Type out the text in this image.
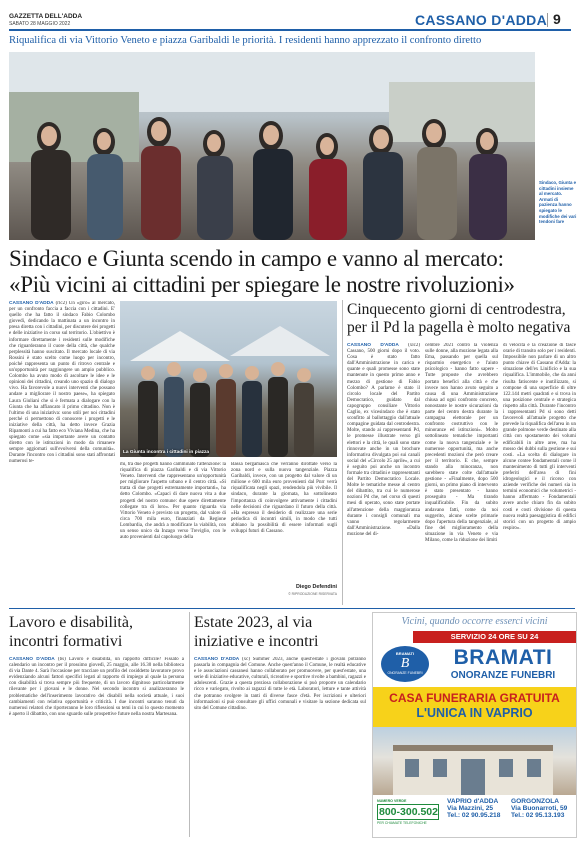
GAZZETTA DELL'ADDA
SABATO 28 MAGGIO 2022	CASSANO D'ADDA 9
Riqualifica di via Vittorio Veneto e piazza Garibaldi le priorità. I residenti hanno apprezzato il confronto diretto
Sindaco, Giunta e cittadini insieme al mercato. Armati di pazienza hanno spiegato le modifiche dei vari tendoni fare
Sindaco e Giunta scendo in campo e vanno al mercato:
«Più vicini ai cittadini per spiegare le nostre rivoluzioni»

CASSANO D'ADDA (rlc2) Un «giro» al mercato, per un confronto faccia a faccia con i cittadini. E' quello che ha fatto il sindaco Fabio Colombo giovedì, dedicando la mattinata a un incontro in presa diretta con i cittadini, per discutere dei progetti e delle iniziative in corso sul territorio. L'obiettivo è informare direttamente i residenti sulle modifiche che riguarderanno il cuore della città, che qualche perplessità hanno suscitato. Il mercato locale di via Rossini è stato scelto come luogo per incontro, poiché rappresenta un punto di ritrovo centrale e un'opportunità per raggiungere un ampio pubblico. Colombo ha avuto modo di ascoltare le idee e le opinioni dei cittadini, creando uno spazio di dialogo vivo. Ha favorevole a nuovi interventi che possano andare a migliorare il nostro paese», ha spiegato Laura Giuliani che si è fermata a dialogare con la Giunta che ha affiancato il primo cittadino. Non è l'ultimo di una iniziativa: sono utili per noi cittadini perché ci permettono di conoscere i progetti e le iniziative della città, ha detto invece Grazia Ripamonti a cui ha fatto eco Viviana Medina, che ha spiegato come «sia importante avere un contatto diretto con le istituzioni in modo da rimanere sempre aggiornati sull'evolversi della comunità». Durante l'incontro con i cittadini sono stati affrontati numerosi te-

La Giunta incontra i cittadini in piazza

mi, tra due progetti hanno camminato l'attenzione: la riqualifica di piazza Garibaldi e di via Vittorio Veneto. Interventi che rappresentano un'opportunità per migliorare l'aspetto urbano e il centro città. «Si tratta di due progetti estremamente importanti», ha detto Colombo. «Capaci di dare nuova vita a due progetti del nostro comune: due opere direttamente collegate tra di loro». Per quanto riguarda via Vittorio Veneto è previsto un progetto, dal valore di circa 700 mila euro, finanziati da Regione Lombardia, che andrà a modificare la viabilità, con un senso unico da Inzago verso Treviglio, con le auto provenienti dal capoluogo della

Bassa bergamasca che verranno dirottate verso la zona nord e sulla nuova tangenziale. Piazza Garibaldi, invece, con un progetto dal valore di un milione e 600 mila euro provenienti dal Pnrr verrà riqualificata negli spazi, rendendola più vivibile. Il sindaco, durante la giornata, ha sottolineato l'importanza di coinvolgere attivamente i cittadini nelle decisioni che riguardano il futuro della città. «Ha espresso il desiderio di realizzare una serie periodica di incontri simili, in modo che tutti abbiano la possibilità di essere informati sugli sviluppi futuri di Cassano.

Diego Defendini
© RIPRODUZIONE RISERVATA
Cinquecento giorni di centrodestra,
per il Pd la pagella è molto negativa

CASSANO D'ADDA (xlc2) Cassano, 500 giorni dopo il voto. Cosa è stato fatto dall'Amministrazione in carica e quante e quali promesse sono state mantenute in questo primo anno e mezzo di gestione di Fabio Colombo? A parlarne è stato il circolo locale del Partito Democratico, guidato dal capogruppo consiliare Vittorio Caglio, ex vicesindaco che è stato sconfitto al ballottaggio dall'attuale compagine guidata dal centrodestra. Molte, stando ai rappresentanti Pd, le promesse illustrate verso gli elettori e la città, le quali sono state rinnovate anche in un brochure informativa divulgata poi sui canali social del «Circolo 25 aprile», a cui è seguito poi anche un incontro formale tra cittadini e rappresentanti del Partito Democratico Locale. Molte le tematiche messe al centro del dibattito, tra cui le numerose nozioni Pd che, nel corso di questi mesi di operato, sono state portate all'attenzione della maggioranza durante i consigli comunali ma vanno regolarmente dall'Amministrazione. «Dalla mozione del di-

cembre 2021 contro la violenza sulle donne, alla mozione legata alla Ema, passando per quella sul risparmio energetico e l'aiuto psicologico - hanno fatto sapere - Tutte proposte che avrebbero portato benefici alla città e che invece non hanno avuto seguito a causa di una Amministrazione chiusa ad ogni confronto concreto, nonostante le nostre sicurazioni da parte del centro destra durante la campagna elettorale per un confronto costruttivo con le minoranze ed istituzioni». Molto sottolineato tematiche importanti come la nuova tangenziale e le numerose opportunità, ma anche precedenti mozioni che però creare per il territorio. E che, sempre stando alla minoranza, non sarebbero state colte dall'attuale gestione - «Finalmente, dopo 500 giorni, un primo piano di intervento è stato presentato - hanno proseguito - Ma tirando inqualificabile. Fin da subito andavano fatti, come da noi suggerito, alcune scelte primarie dopo l'apertura della tangenziale, al fine del miglioramento della situazione in via Veneto e via Milano, come la riduzione dei limiti

di velocità e la creazione di fasce orarie di transito solo per i residenti. Impossibile non parlare di un altro punto chiave di Cassano d'Adda: la situazione dell'ex Linificio e la sua riqualifica. L'immobile, che da anni risulta fatiscente e inutilizzato, si compone di una superficie di oltre 122.144 metri quadrati e si trova in una posizione centrale e strategica rispetto alla città. Durante l'incontro i rappresentanti Pd si sono detti favorevoli all'attuale progetto che prevede la riqualifica dell'area in un grande polmone verde destinato alla città con spostamento dei volumi edificabili in altre aree, ma ha mosso dei dubbi sulla gestione e sui costi. «La scelta di dialogare in alcune contee fondamentali come il mantenimento di tutti gli interventi preferiti dell'area di fini idrogeologici e il ricorso con aziende verifiche dei numeri sia in termini economici che volumetrici - hanno affermato - Fondamentali avere anche chiaro fin da subito costi e costi divisione di questa nuova realtà paesaggistica di edifici storici con un progetto di ampio respiro».

Lavoro e disabilità,
incontri formativi

CASSANO D'ADDA (bs) Lavoro e disabilità, un rapporto difficile? Fissato a calendario un incontro per il prossimo giovedì, 25 maggio, alle 16.30 nella biblioteca di via Dante 4. Sarà l'occasione per tracciare un profilo del cosiddetto lavoratore provo evidenziando alcuni fattori specifici legati al rapporto di impiego al quale la persona con disabilità si trova sempre più frequente, di un lavoro dignitoso particolarmente rilevante per i giovani e le donne. Nel secondo incontro si analizzeranno le problematiche dell'inserimento lavorativo dei disabili nella società attuale, i suoi cambiamenti con relativa opportunità e criticità. I due incontri saranno tenuti da numerosi relatori che riporteranno le loro riflessioni su temi in cui lo questo momento è aperto il dibattito, con uno sguardo sulle prospettive future nella nostra Martesana.

Estate 2023, al via
iniziative e incontri

CASSANO D'ADDA (xc) Summer 2023, anche quest'estate i giovani potranno passarla in compagnia del Comune. Anche quest'anno il Comune, le realtà educative e le associazioni cassanesi hanno collaborato per promuovere, per quest'estate, una serie di iniziative educative, culturali, ricreative e sportive rivolte a bambini, ragazzi e adolescenti. Grazie a questa preziosa collaborazione si può proporre un calendario ricco e variegato, rivolto ai ragazzi di tutte le età. Laboratori, letture e tante attività che potranno svolgere in tanti di diverse fasce d'età. Per iscrizioni e ulteriori informazioni si può consultare gli uffici comunali e visitare la sezione dedicata sul sito del Comune cittadino.

Vicini, quando occorre esserci vicini
SERVIZIO 24 ORE SU 24
BRAMATI
B
ONORANZE FUNEBRI
BRAMATI
ONORANZE FUNEBRI
CASA FUNERARIA GRATUITA
L'UNICA IN VAPRIO
NUMERO VERDE
800-300.502
PER CHIAMATE TELEFONICHE
VAPRIO d'ADDA
Via Mazzini, 25
Tel.: 02 90.95.218
GORGONZOLA
Via Buonarroti, 59
Tel.: 02 95.13.193
